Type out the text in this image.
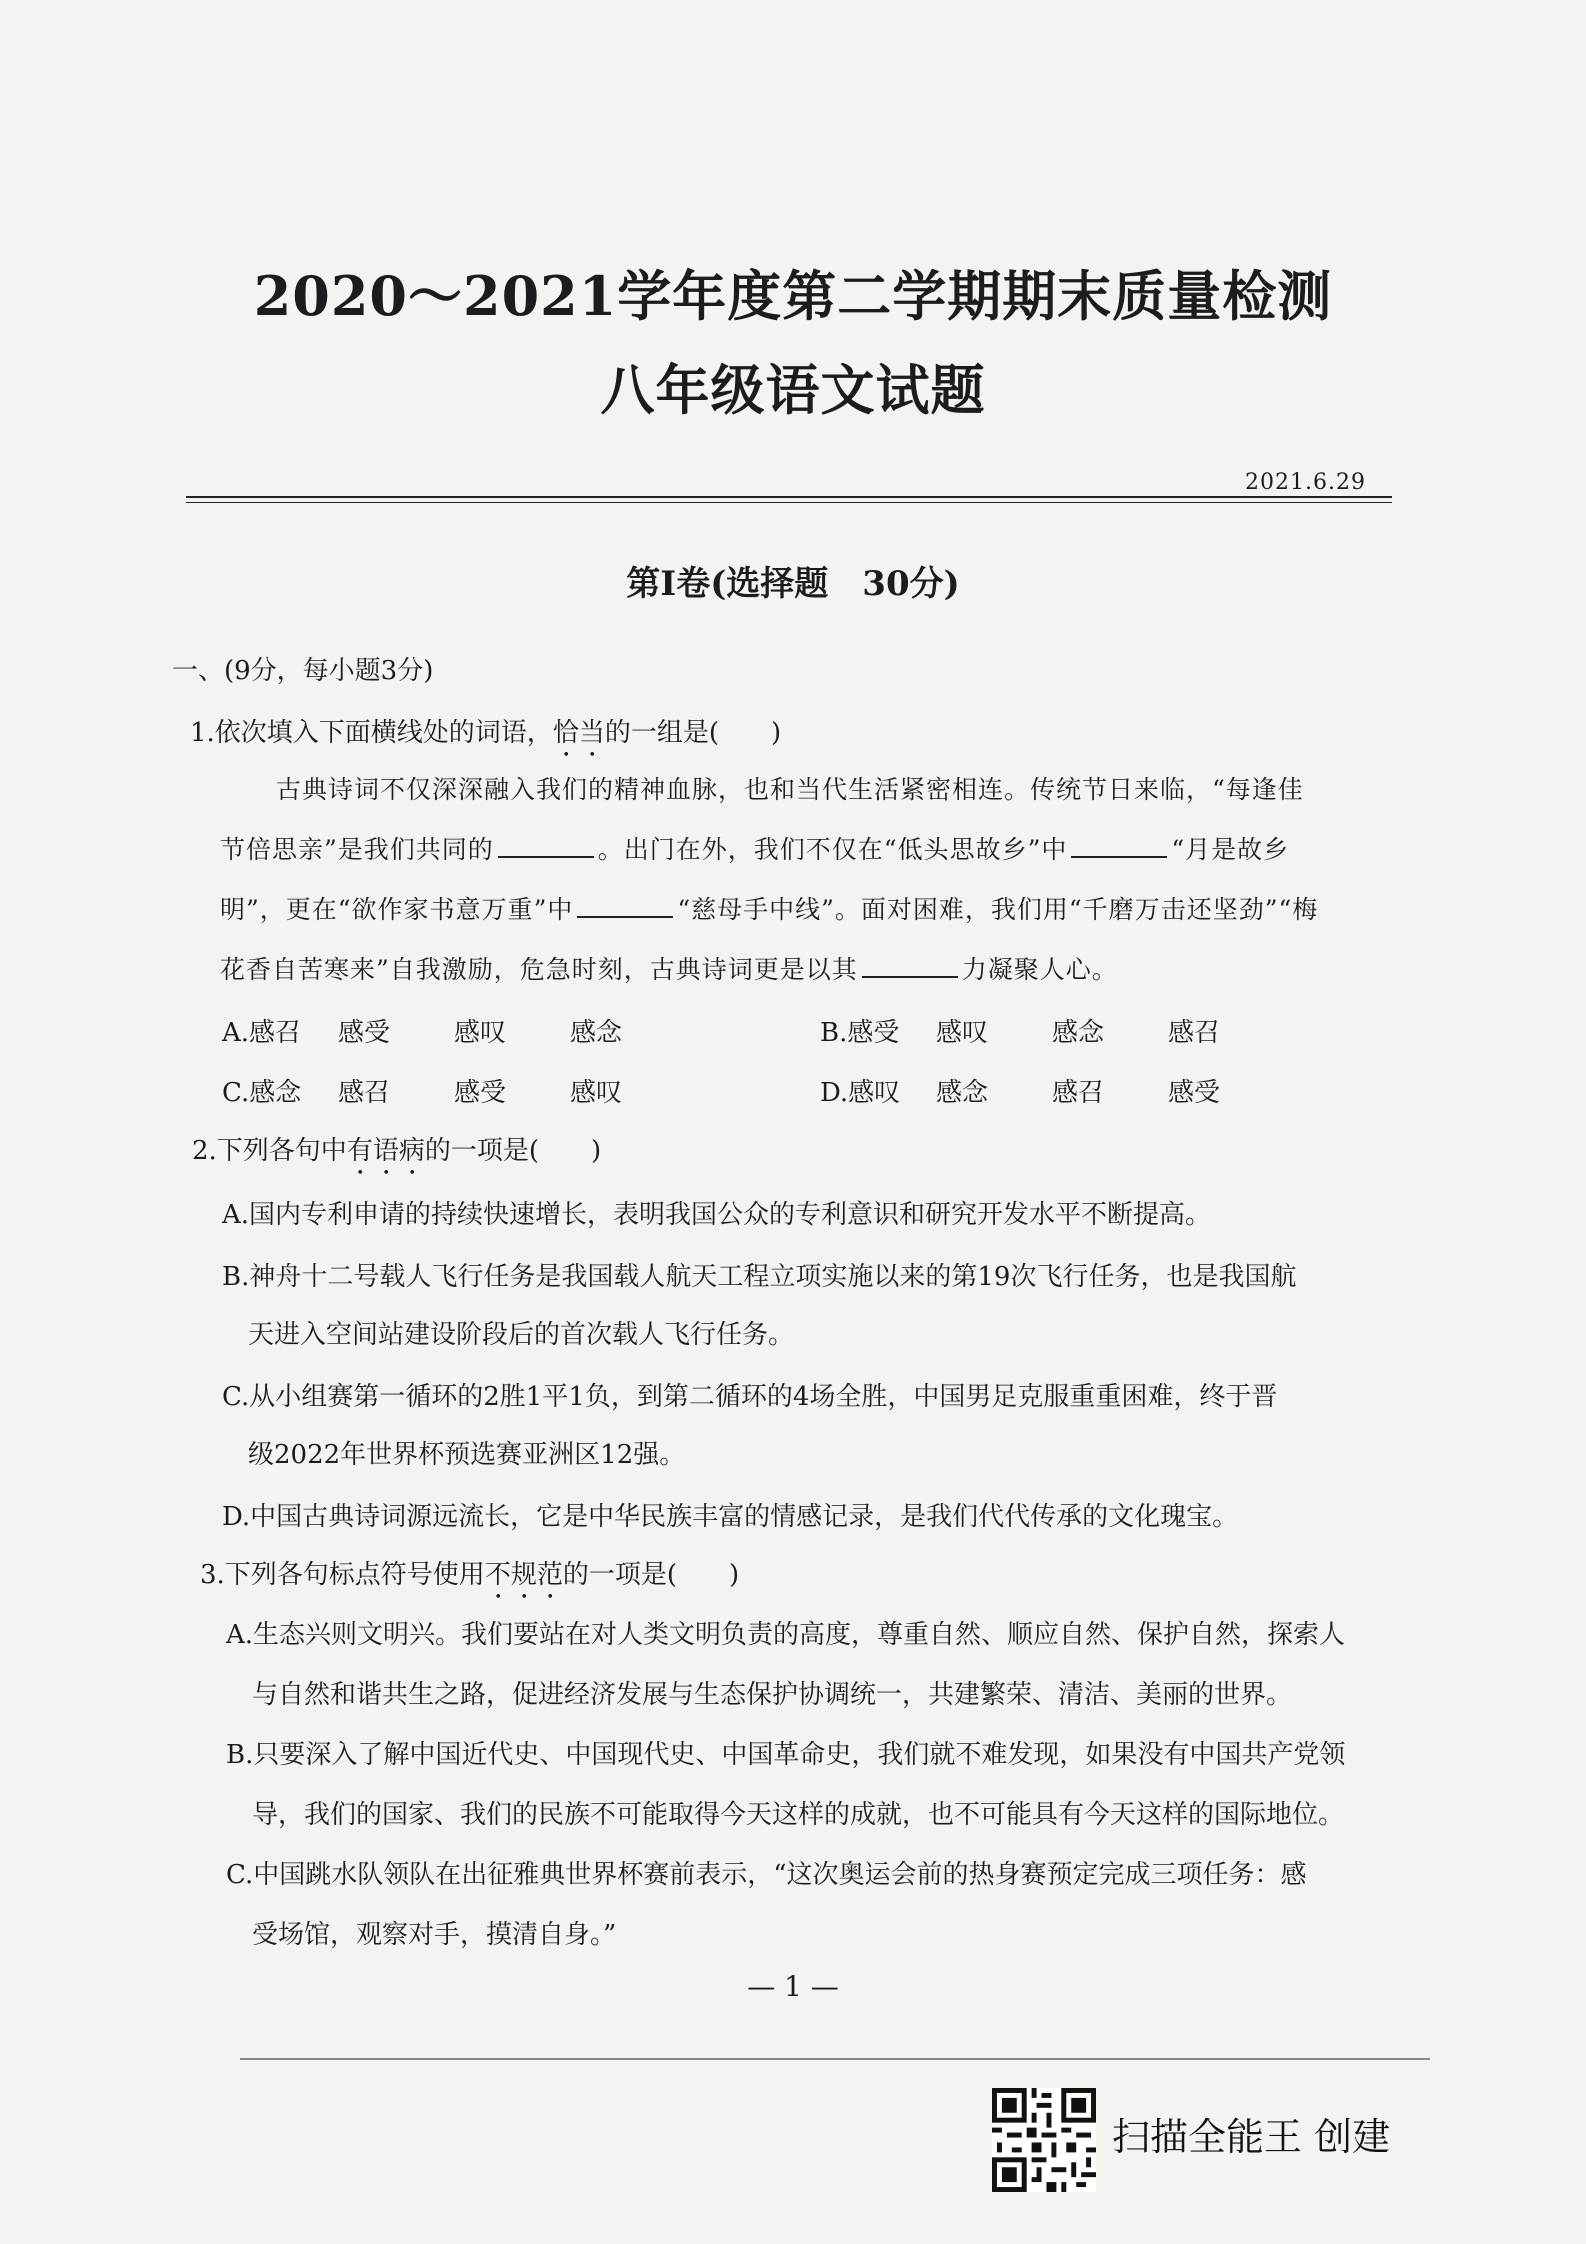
2020～2021学年度第二学期期末质量检测
八年级语文试题
2021.6.29
第Ⅰ卷(选择题　30分)
一、(9分，每小题3分)
1.依次填入下面横线处的词语，恰当的一组是(　　)
古典诗词不仅深深融入我们的精神血脉，也和当代生活紧密相连。传统节日来临，“每逢佳
节倍思亲”是我们共同的	。出门在外，我们不仅在“低头思故乡”中	“月是故乡
明”，更在“欲作家书意万重”中	“慈母手中线”。面对困难，我们用“千磨万击还坚劲”“梅
花香自苦寒来”自我激励，危急时刻，古典诗词更是以其	力凝聚人心。
A.感召 感受 感叹 感念	B.感受 感叹 感念 感召
C.感念 感召 感受 感叹	D.感叹 感念 感召 感受
2.下列各句中有语病的一项是(　　)
A.国内专利申请的持续快速增长，表明我国公众的专利意识和研究开发水平不断提高。
B.神舟十二号载人飞行任务是我国载人航天工程立项实施以来的第19次飞行任务，也是我国航
天进入空间站建设阶段后的首次载人飞行任务。
C.从小组赛第一循环的2胜1平1负，到第二循环的4场全胜，中国男足克服重重困难，终于晋
级2022年世界杯预选赛亚洲区12强。
D.中国古典诗词源远流长，它是中华民族丰富的情感记录，是我们代代传承的文化瑰宝。
3.下列各句标点符号使用不规范的一项是(　　)
A.生态兴则文明兴。我们要站在对人类文明负责的高度，尊重自然、顺应自然、保护自然，探索人
与自然和谐共生之路，促进经济发展与生态保护协调统一，共建繁荣、清洁、美丽的世界。
B.只要深入了解中国近代史、中国现代史、中国革命史，我们就不难发现，如果没有中国共产党领
导，我们的国家、我们的民族不可能取得今天这样的成就，也不可能具有今天这样的国际地位。
C.中国跳水队领队在出征雅典世界杯赛前表示，“这次奥运会前的热身赛预定完成三项任务：感
受场馆，观察对手，摸清自身。”
— 1 —
扫描全能王 创建
